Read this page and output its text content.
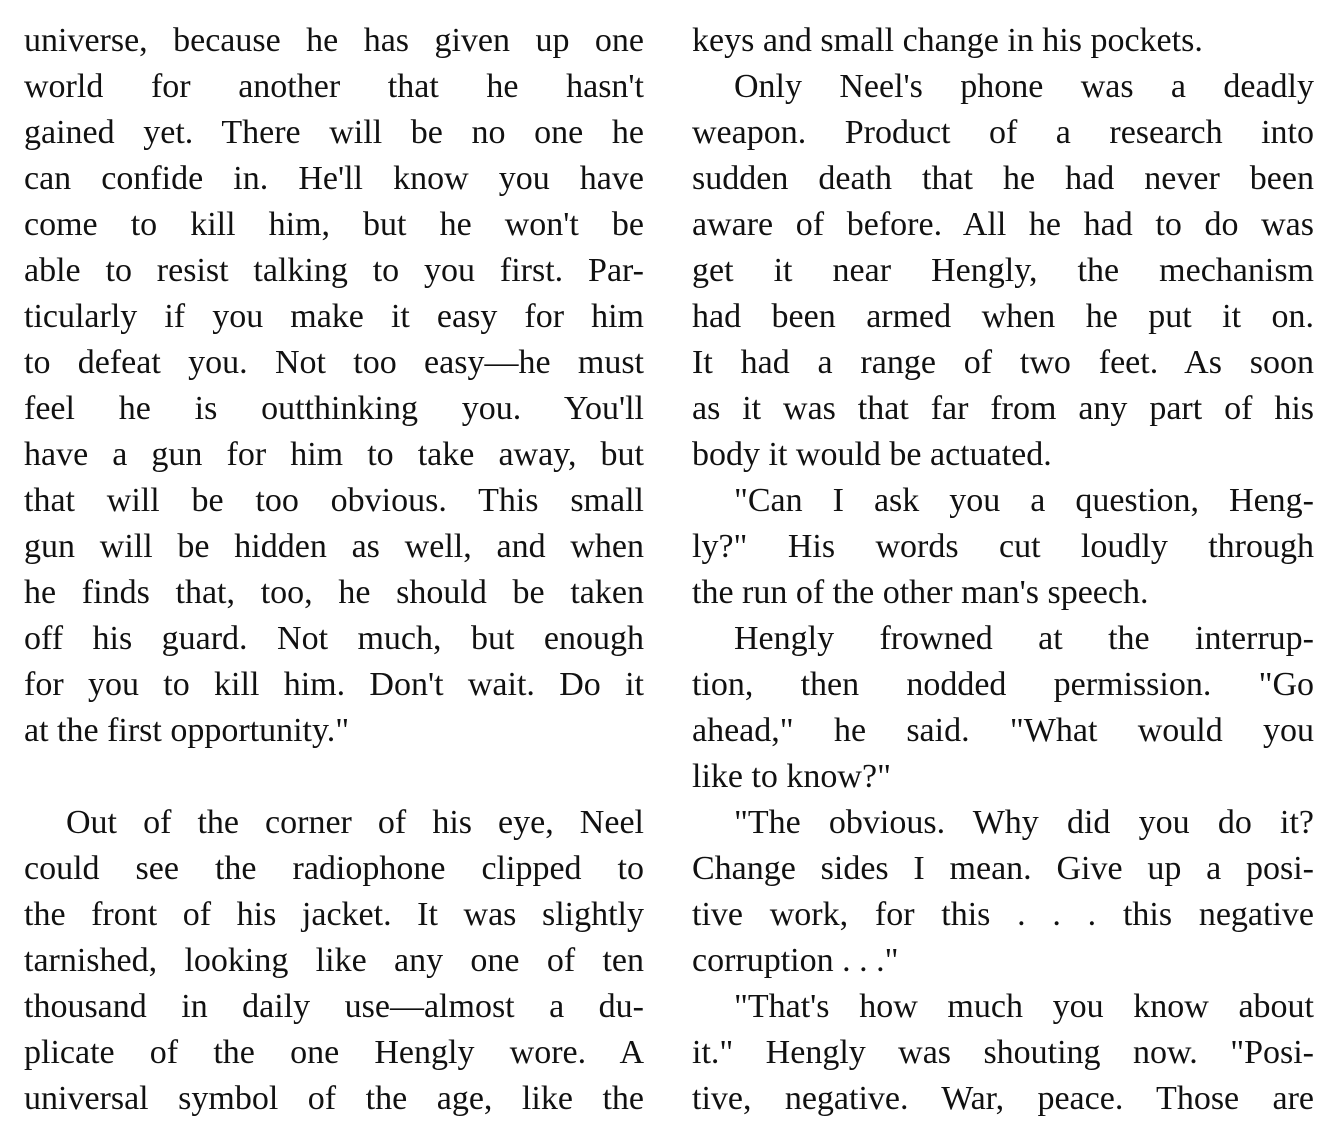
universe, because he has given up one
world for another that he hasn't
gained yet. There will be no one he
can confide in. He'll know you have
come to kill him, but he won't be
able to resist talking to you first. Par-
ticularly if you make it easy for him
to defeat you. Not too easy—he must
feel he is outthinking you. You'll
have a gun for him to take away, but
that will be too obvious. This small
gun will be hidden as well, and when
he finds that, too, he should be taken
off his guard. Not much, but enough
for you to kill him. Don't wait. Do it
at the first opportunity."
Out of the corner of his eye, Neel
could see the radiophone clipped to
the front of his jacket. It was slightly
tarnished, looking like any one of ten
thousand in daily use—almost a du-
plicate of the one Hengly wore. A
universal symbol of the age, like the
keys and small change in his pockets.
Only Neel's phone was a deadly
weapon. Product of a research into
sudden death that he had never been
aware of before. All he had to do was
get it near Hengly, the mechanism
had been armed when he put it on.
It had a range of two feet. As soon
as it was that far from any part of his
body it would be actuated.
"Can I ask you a question, Heng-
ly?" His words cut loudly through
the run of the other man's speech.
Hengly frowned at the interrup-
tion, then nodded permission. "Go
ahead," he said. "What would you
like to know?"
"The obvious. Why did you do it?
Change sides I mean. Give up a posi-
tive work, for this . . . this negative
corruption . . ."
"That's how much you know about
it." Hengly was shouting now. "Posi-
tive, negative. War, peace. Those are
